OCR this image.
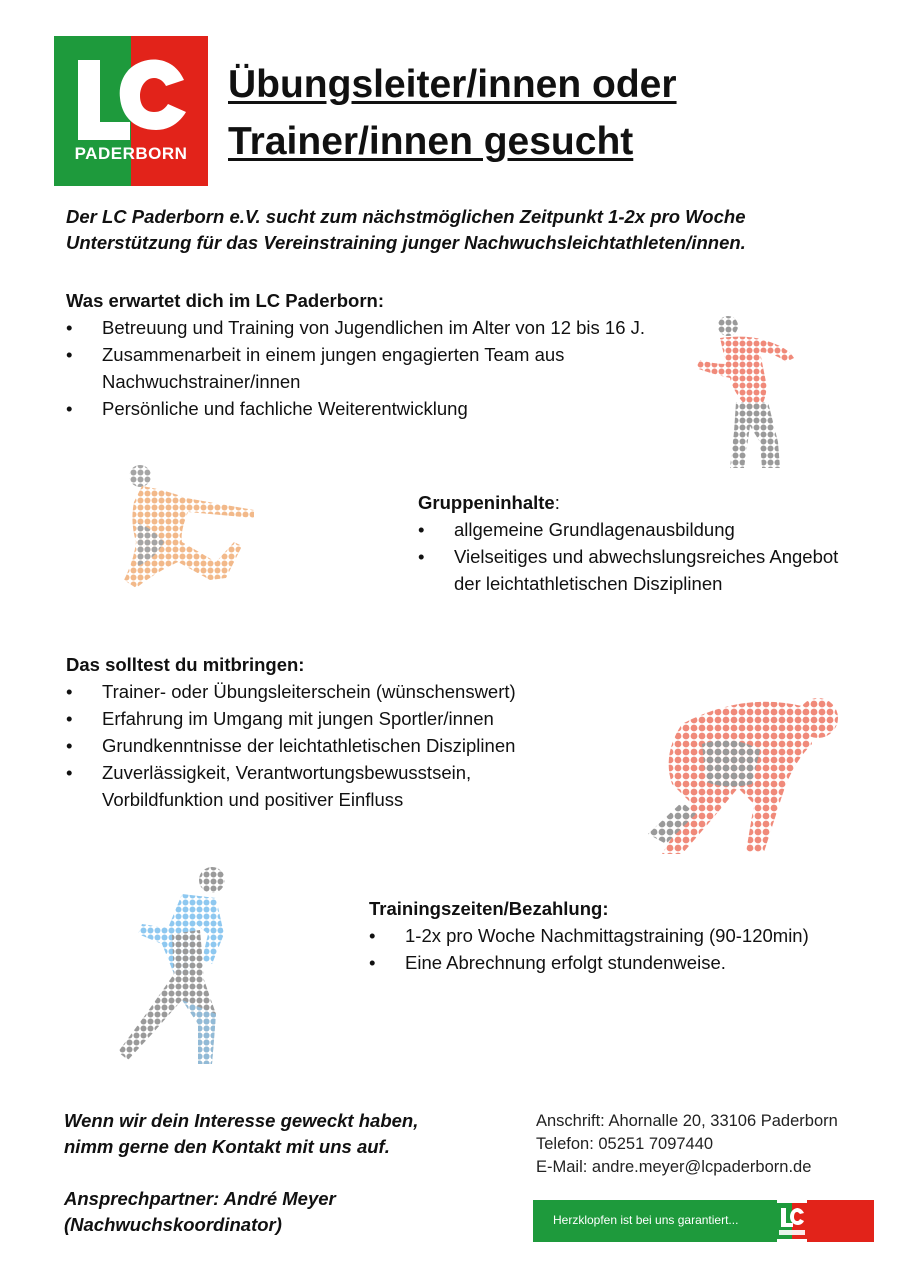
PADERBORN
Übungsleiter/innen oder
Trainer/innen gesucht
Der LC Paderborn e.V. sucht zum nächstmöglichen Zeitpunkt 1-2x pro Woche
Unterstützung für das Vereinstraining junger Nachwuchsleichtathleten/innen.
Was erwartet dich im LC Paderborn:
• Betreuung und Training von Jugendlichen im Alter von 12 bis 16 J.
• Zusammenarbeit in einem jungen engagierten Team aus Nachwuchstrainer/innen
• Persönliche und fachliche Weiterentwicklung
Gruppeninhalte:
• allgemeine Grundlagenausbildung
• Vielseitiges und abwechslungsreiches Angebot der leichtathletischen Disziplinen
Das solltest du mitbringen:
• Trainer- oder Übungsleiterschein (wünschenswert)
• Erfahrung im Umgang mit jungen Sportler/innen
• Grundkenntnisse der leichtathletischen Disziplinen
• Zuverlässigkeit, Verantwortungsbewusstsein, Vorbildfunktion und positiver Einfluss
Trainingszeiten/Bezahlung:
• 1-2x pro Woche Nachmittagstraining (90-120min)
• Eine Abrechnung erfolgt stundenweise.
Wenn wir dein Interesse geweckt haben,
nimm gerne den Kontakt mit uns auf.
Ansprechpartner: André Meyer
(Nachwuchskoordinator)
Anschrift: Ahornalle 20, 33106 Paderborn
Telefon: 05251 7097440
E-Mail: andre.meyer@lcpaderborn.de
Herzklopfen ist bei uns garantiert...
